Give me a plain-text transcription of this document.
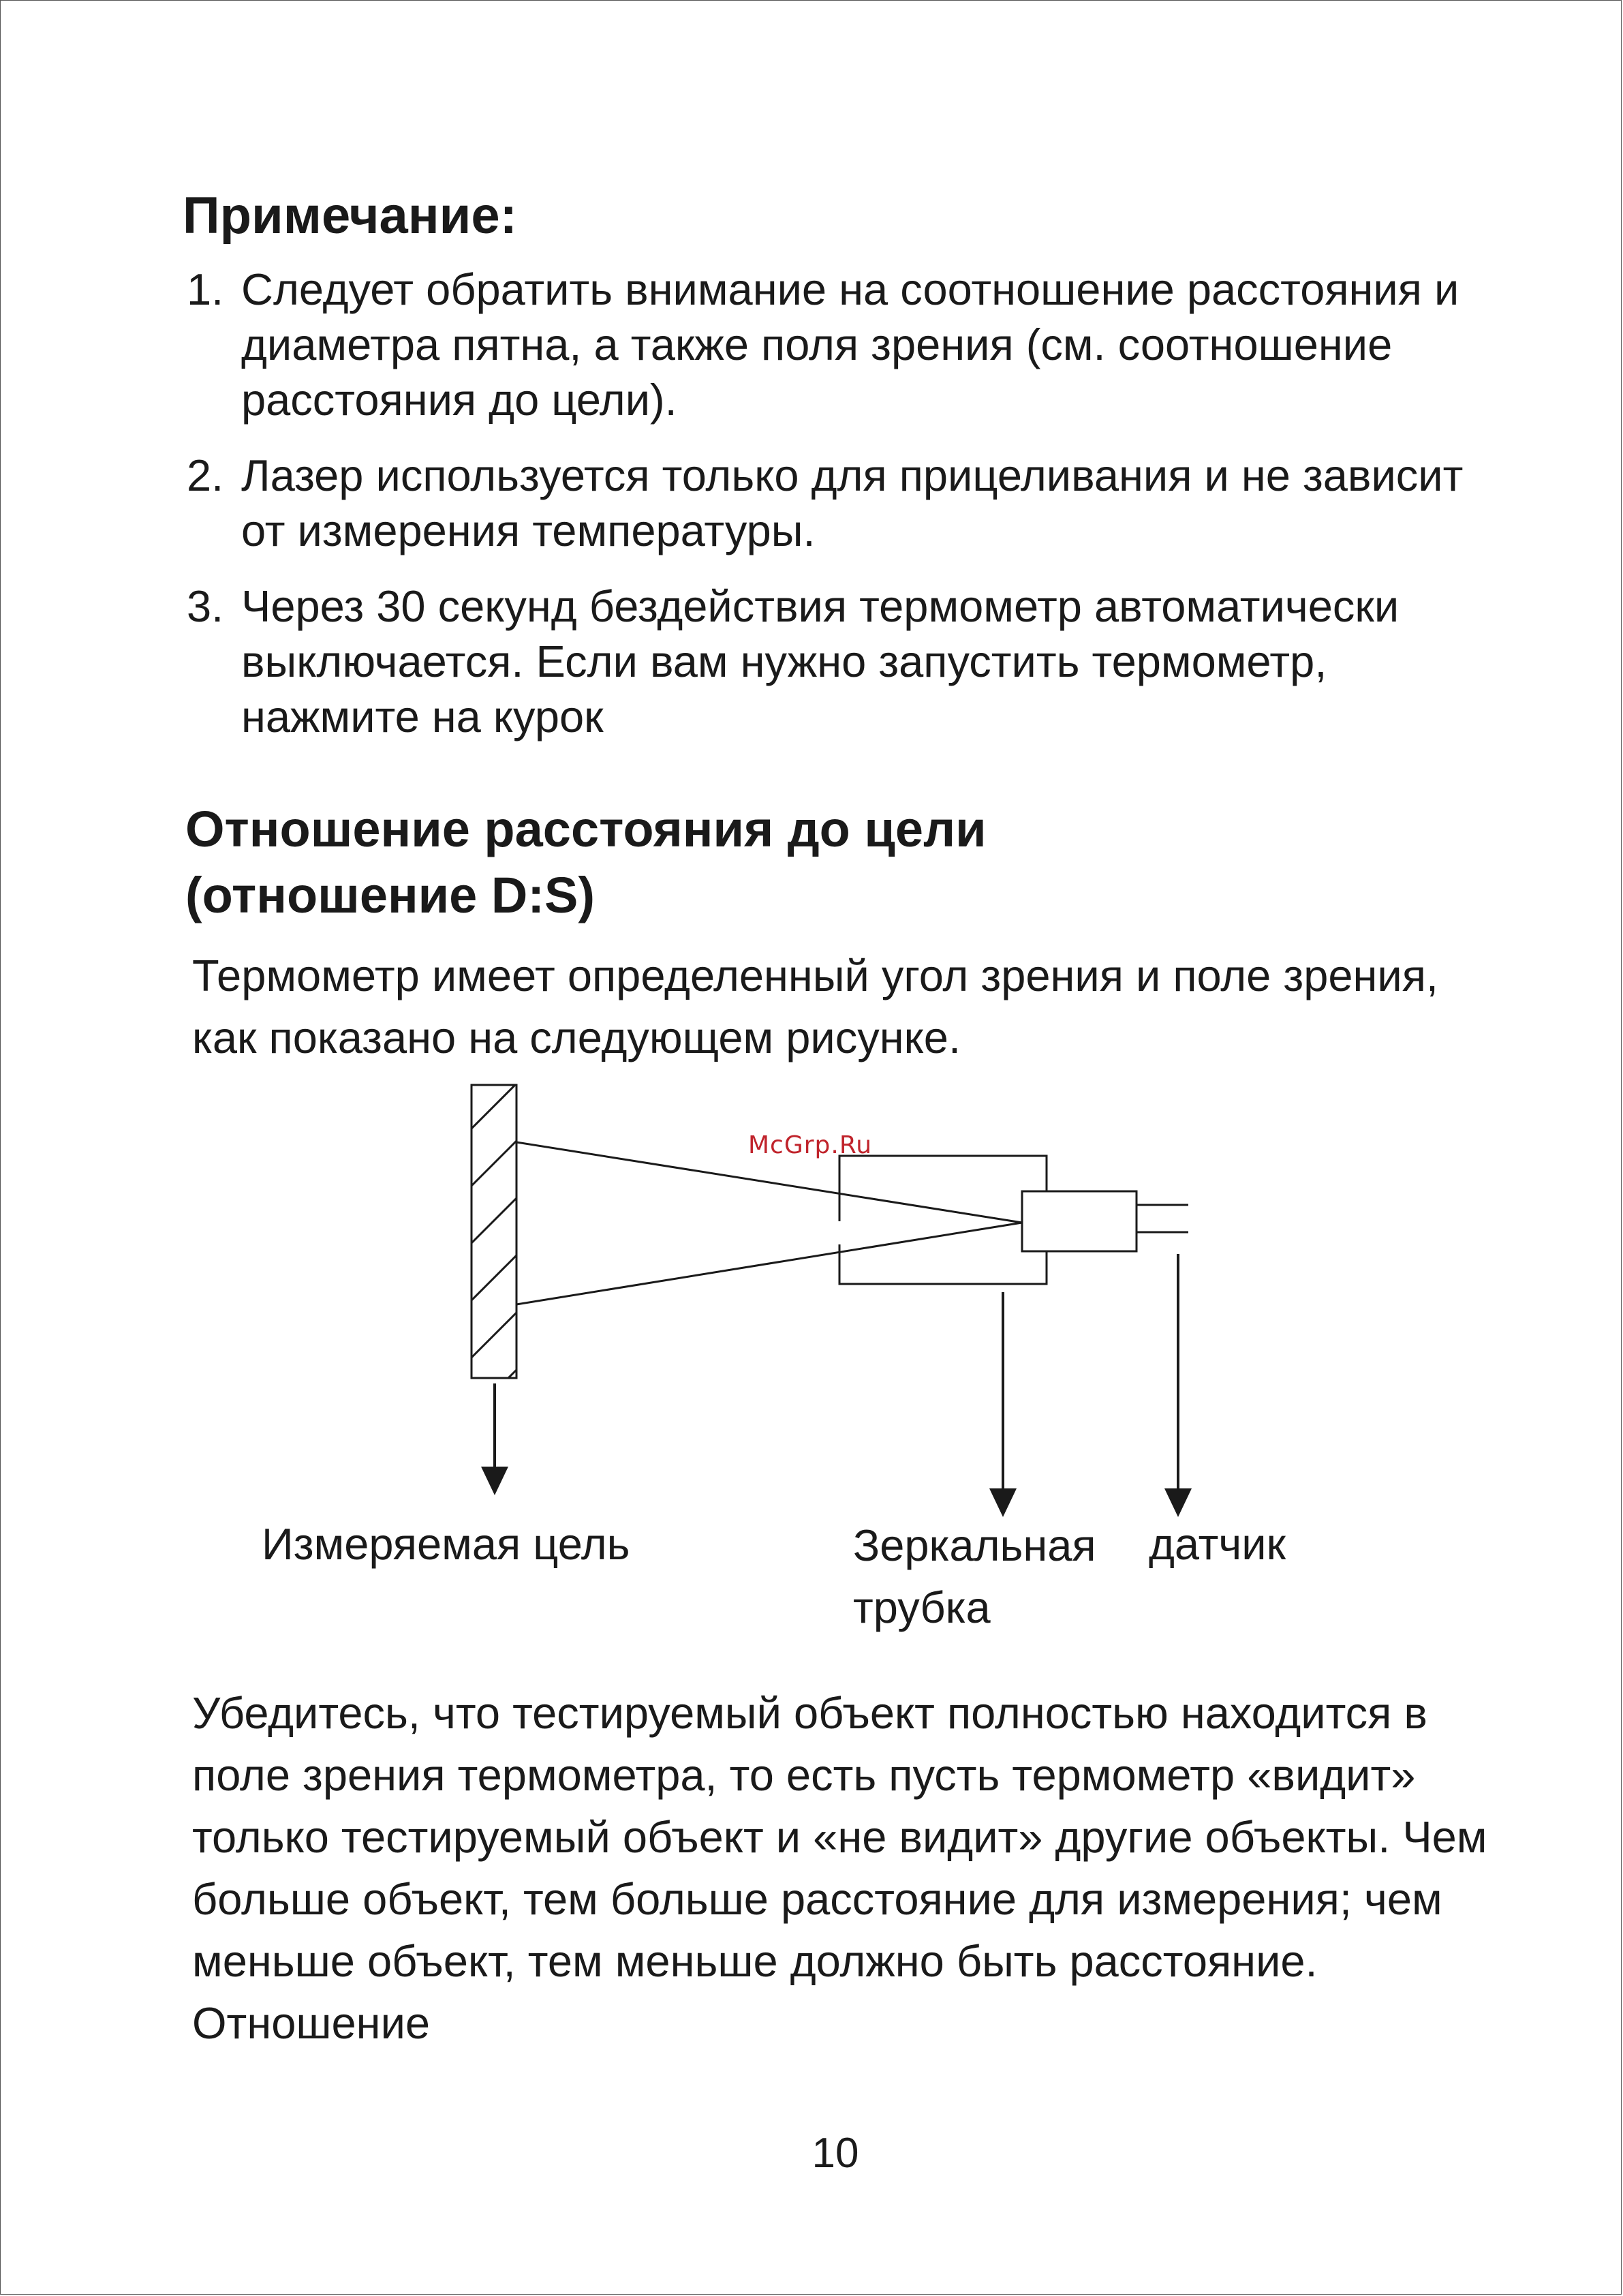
Примечание:
1. Следует обратить внимание на соотношение расстояния и диаметра пятна, а также поля зрения (см. соотношение расстояния до цели).
2. Лазер используется только для прицеливания и не зависит от измерения температуры.
3. Через 30 секунд бездействия термометр автоматически выключается. Если вам нужно запустить термометр, нажмите на курок
Отношение расстояния до цели
(отношение D:S)
Термометр имеет определенный угол зрения и поле зрения, как показано на следующем рисунке.
McGrp.Ru
Измеряемая цель	Зеркальная трубка
датчик
Убедитесь, что тестируемый объект полностью находится в поле зрения термометра, то есть пусть термометр «видит» только тестируемый объект и «не видит» другие объекты. Чем больше объект, тем больше расстояние для измерения; чем меньше объект, тем меньше должно быть расстояние. Отношение
10
